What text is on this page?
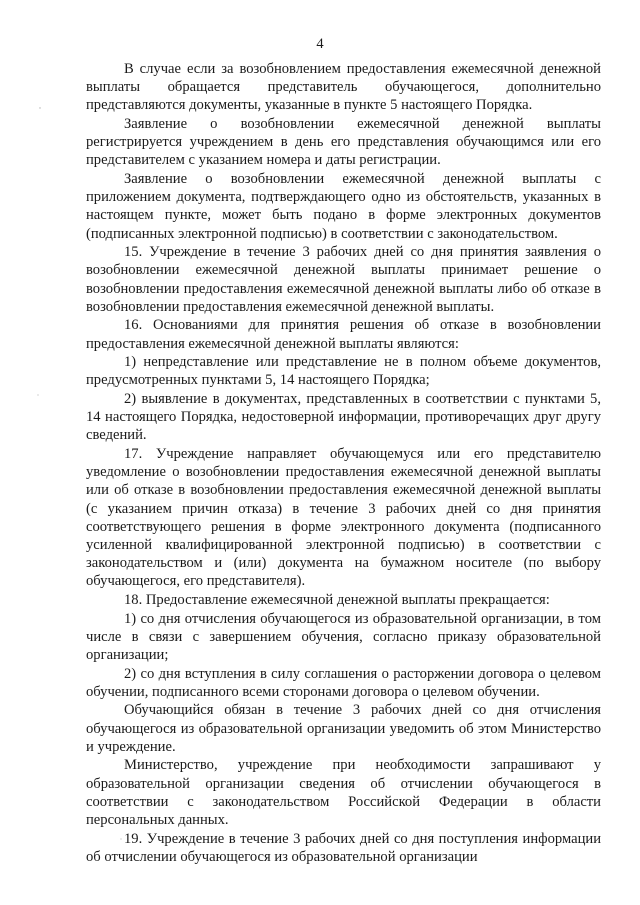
4

В случае если за возобновлением предоставления ежемесячной денежной выплаты обращается представитель обучающегося, дополнительно представляются документы, указанные в пункте 5 настоящего Порядка.

Заявление о возобновлении ежемесячной денежной выплаты регистрируется учреждением в день его представления обучающимся или его представителем с указанием номера и даты регистрации.

Заявление о возобновлении ежемесячной денежной выплаты с приложением документа, подтверждающего одно из обстоятельств, указанных в настоящем пункте, может быть подано в форме электронных документов (подписанных электронной подписью) в соответствии с законодательством.

15. Учреждение в течение 3 рабочих дней со дня принятия заявления о возобновлении ежемесячной денежной выплаты принимает решение о возобновлении предоставления ежемесячной денежной выплаты либо об отказе в возобновлении предоставления ежемесячной денежной выплаты.

16. Основаниями для принятия решения об отказе в возобновлении предоставления ежемесячной денежной выплаты являются:

1) непредставление или представление не в полном объеме документов, предусмотренных пунктами 5, 14 настоящего Порядка;

2) выявление в документах, представленных в соответствии с пунктами 5, 14 настоящего Порядка, недостоверной информации, противоречащих друг другу сведений.

17. Учреждение направляет обучающемуся или его представителю уведомление о возобновлении предоставления ежемесячной денежной выплаты или об отказе в возобновлении предоставления ежемесячной денежной выплаты (с указанием причин отказа) в течение 3 рабочих дней со дня принятия соответствующего решения в форме электронного документа (подписанного усиленной квалифицированной электронной подписью) в соответствии с законодательством и (или) документа на бумажном носителе (по выбору обучающегося, его представителя).

18. Предоставление ежемесячной денежной выплаты прекращается:

1) со дня отчисления обучающегося из образовательной организации, в том числе в связи с завершением обучения, согласно приказу образовательной организации;

2) со дня вступления в силу соглашения о расторжении договора о целевом обучении, подписанного всеми сторонами договора о целевом обучении.

Обучающийся обязан в течение 3 рабочих дней со дня отчисления обучающегося из образовательной организации уведомить об этом Министерство и учреждение.

Министерство, учреждение при необходимости запрашивают у образовательной организации сведения об отчислении обучающегося в соответствии с законодательством Российской Федерации в области персональных данных.

19. Учреждение в течение 3 рабочих дней со дня поступления информации об отчислении обучающегося из образовательной организации
